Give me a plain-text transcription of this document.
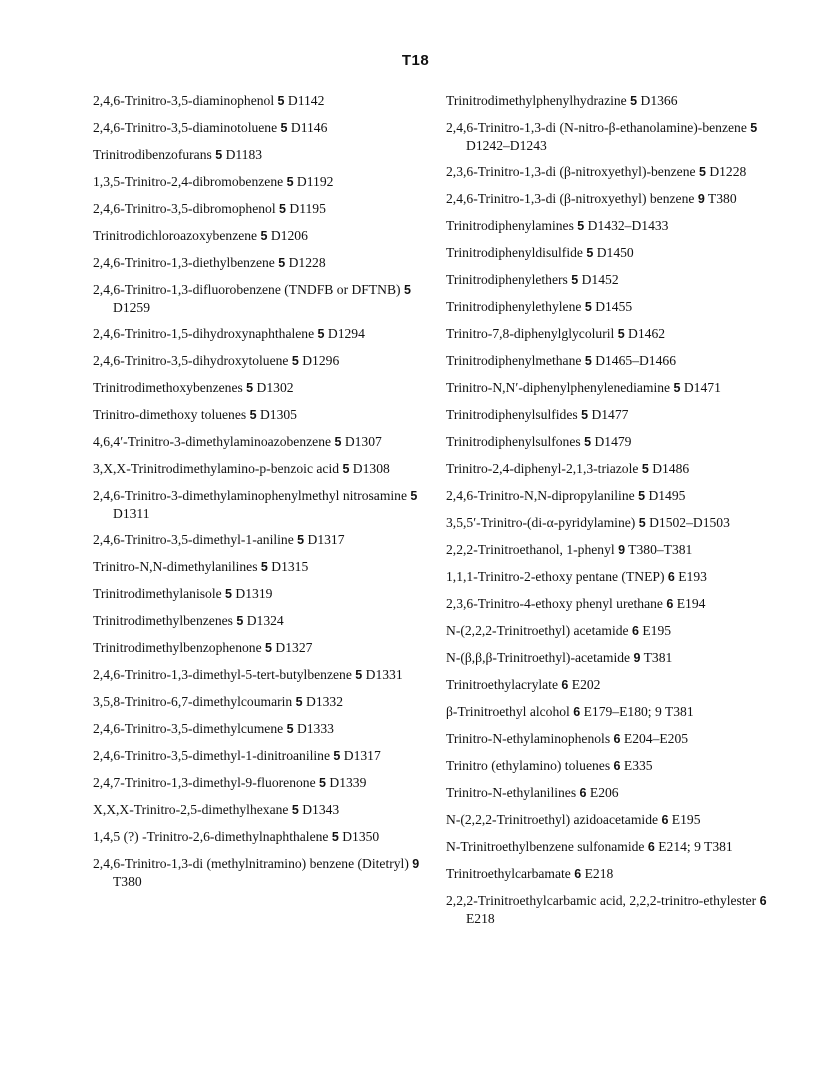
T18
2,4,6-Trinitro-3,5-diaminophenol 5 D1142
2,4,6-Trinitro-3,5-diaminotoluene 5 D1146
Trinitrodibenzofurans 5 D1183
1,3,5-Trinitro-2,4-dibromobenzene 5 D1192
2,4,6-Trinitro-3,5-dibromophenol 5 D1195
Trinitrodichloroazoxybenzene 5 D1206
2,4,6-Trinitro-1,3-diethylbenzene 5 D1228
2,4,6-Trinitro-1,3-difluorobenzene (TNDFB or DFTNB) 5 D1259
2,4,6-Trinitro-1,5-dihydroxynaphthalene 5 D1294
2,4,6-Trinitro-3,5-dihydroxytoluene 5 D1296
Trinitrodimethoxybenzenes 5 D1302
Trinitro-dimethoxy toluenes 5 D1305
4,6,4′-Trinitro-3-dimethylaminoazobenzene 5 D1307
3,X,X-Trinitrodimethylamino-p-benzoic acid 5 D1308
2,4,6-Trinitro-3-dimethylaminophenylmethyl nitrosamine 5 D1311
2,4,6-Trinitro-3,5-dimethyl-1-aniline 5 D1317
Trinitro-N,N-dimethylanilines 5 D1315
Trinitrodimethylanisole 5 D1319
Trinitrodimethylbenzenes 5 D1324
Trinitrodimethylbenzophenone 5 D1327
2,4,6-Trinitro-1,3-dimethyl-5-tert-butylbenzene 5 D1331
3,5,8-Trinitro-6,7-dimethylcoumarin 5 D1332
2,4,6-Trinitro-3,5-dimethylcumene 5 D1333
2,4,6-Trinitro-3,5-dimethyl-1-dinitroaniline 5 D1317
2,4,7-Trinitro-1,3-dimethyl-9-fluorenone 5 D1339
X,X,X-Trinitro-2,5-dimethylhexane 5 D1343
1,4,5 (?) -Trinitro-2,6-dimethylnaphthalene 5 D1350
2,4,6-Trinitro-1,3-di (methylnitramino) benzene (Ditetryl) 9 T380
Trinitrodimethylphenylhydrazine 5 D1366
2,4,6-Trinitro-1,3-di (N-nitro-β-ethanolamine)-benzene 5 D1242–D1243
2,3,6-Trinitro-1,3-di (β-nitroxyethyl)-benzene 5 D1228
2,4,6-Trinitro-1,3-di (β-nitroxyethyl) benzene 9 T380
Trinitrodiphenylamines 5 D1432–D1433
Trinitrodiphenyldisulfide 5 D1450
Trinitrodiphenylethers 5 D1452
Trinitrodiphenylethylene 5 D1455
Trinitro-7,8-diphenylglycoluril 5 D1462
Trinitrodiphenylmethane 5 D1465–D1466
Trinitro-N,N′-diphenylphenylenediamine 5 D1471
Trinitrodiphenylsulfides 5 D1477
Trinitrodiphenylsulfones 5 D1479
Trinitro-2,4-diphenyl-2,1,3-triazole 5 D1486
2,4,6-Trinitro-N,N-dipropylaniline 5 D1495
3,5,5′-Trinitro-(di-α-pyridylamine) 5 D1502–D1503
2,2,2-Trinitroethanol, 1-phenyl 9 T380–T381
1,1,1-Trinitro-2-ethoxy pentane (TNEP) 6 E193
2,3,6-Trinitro-4-ethoxy phenyl urethane 6 E194
N-(2,2,2-Trinitroethyl) acetamide 6 E195
N-(β,β,β-Trinitroethyl)-acetamide 9 T381
Trinitroethylacrylate 6 E202
β-Trinitroethyl alcohol 6 E179–E180; 9 T381
Trinitro-N-ethylaminophenols 6 E204–E205
Trinitro (ethylamino) toluenes 6 E335
Trinitro-N-ethylanilines 6 E206
N-(2,2,2-Trinitroethyl) azidoacetamide 6 E195
N-Trinitroethylbenzene sulfonamide 6 E214; 9 T381
Trinitroethylcarbamate 6 E218
2,2,2-Trinitroethylcarbamic acid, 2,2,2-trinitro-ethylester 6 E218
